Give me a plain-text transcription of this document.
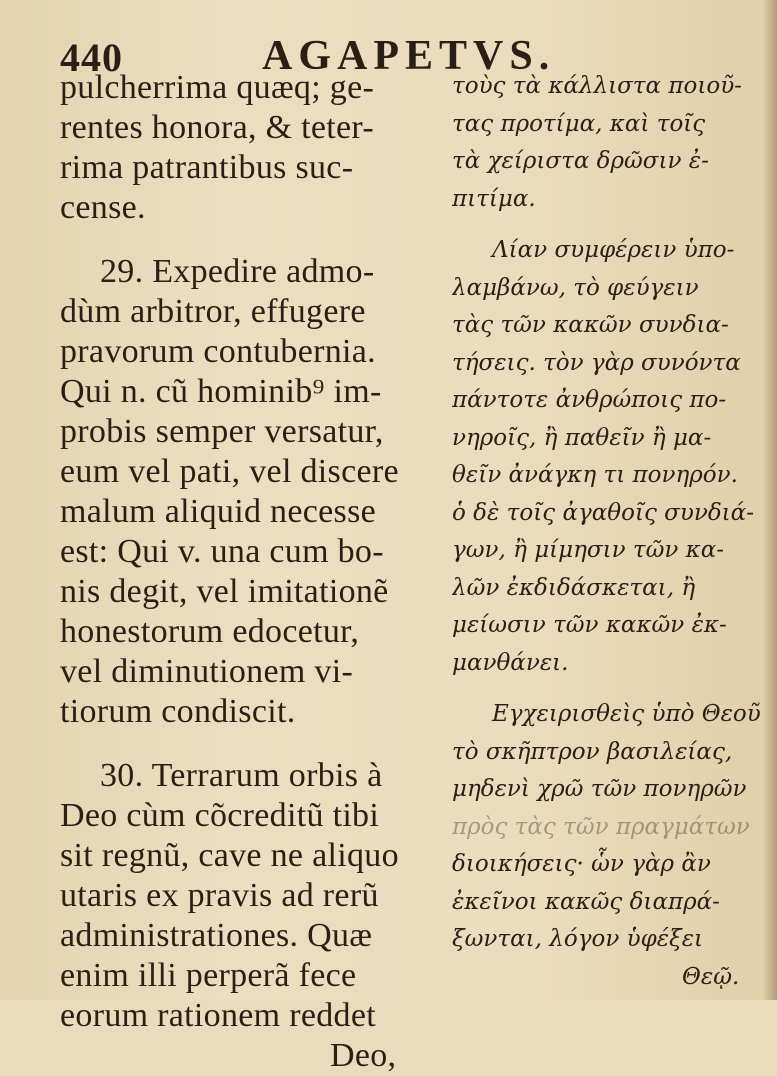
440	AGAPETVS.
pulcherrima quæq; ge-
rentes honora, & teter-
rima patrantibus suc-
cense.
29. Expedire admo-
dùm arbitror, effugere
pravorum contubernia.
Qui n. cũ hominib⁹ im-
probis semper versatur,
eum vel pati, vel discere
malum aliquid necesse
est: Qui v. una cum bo-
nis degit, vel imitationẽ
honestorum edocetur,
vel diminutionem vi-
tiorum condiscit.
30. Terrarum orbis à
Deo cùm cõcreditũ tibi
sit regnũ, cave ne aliquo
utaris ex pravis ad rerũ
administrationes. Quæ
enim illi perperã fece
eorum rationem reddet
Deo,
τοὺς τὰ κάλλιστα ποιοῦ-
τας προτίμα, καὶ τοῖς
τὰ χείριστα δρῶσιν ἐ-
πιτίμα.
Λίαν συμφέρειν ὑπο-
λαμβάνω, τὸ φεύγειν
τὰς τῶν κακῶν συνδια-
τήσεις. τὸν γὰρ συνόντα
πάντοτε ἀνθρώποις πο-
νηροῖς, ἢ παθεῖν ἢ μα-
θεῖν ἀνάγκη τι πονηρόν.
ὁ δὲ τοῖς ἀγαθοῖς συνδιά-
γων, ἢ μίμησιν τῶν κα-
λῶν ἐκδιδάσκεται, ἢ
μείωσιν τῶν κακῶν ἐκ-
μανθάνει.
Εγχειρισθεὶς ὑπὸ Θεοῦ
τὸ σκῆπτρον βασιλείας,
μηδενὶ χρῶ τῶν πονηρῶν
πρὸς τὰς τῶν πραγμάτων
διοικήσεις· ὧν γὰρ ἂν
ἐκεῖνοι κακῶς διαπρά-
ξωνται, λόγον ὑφέξει
Θεῷ.
